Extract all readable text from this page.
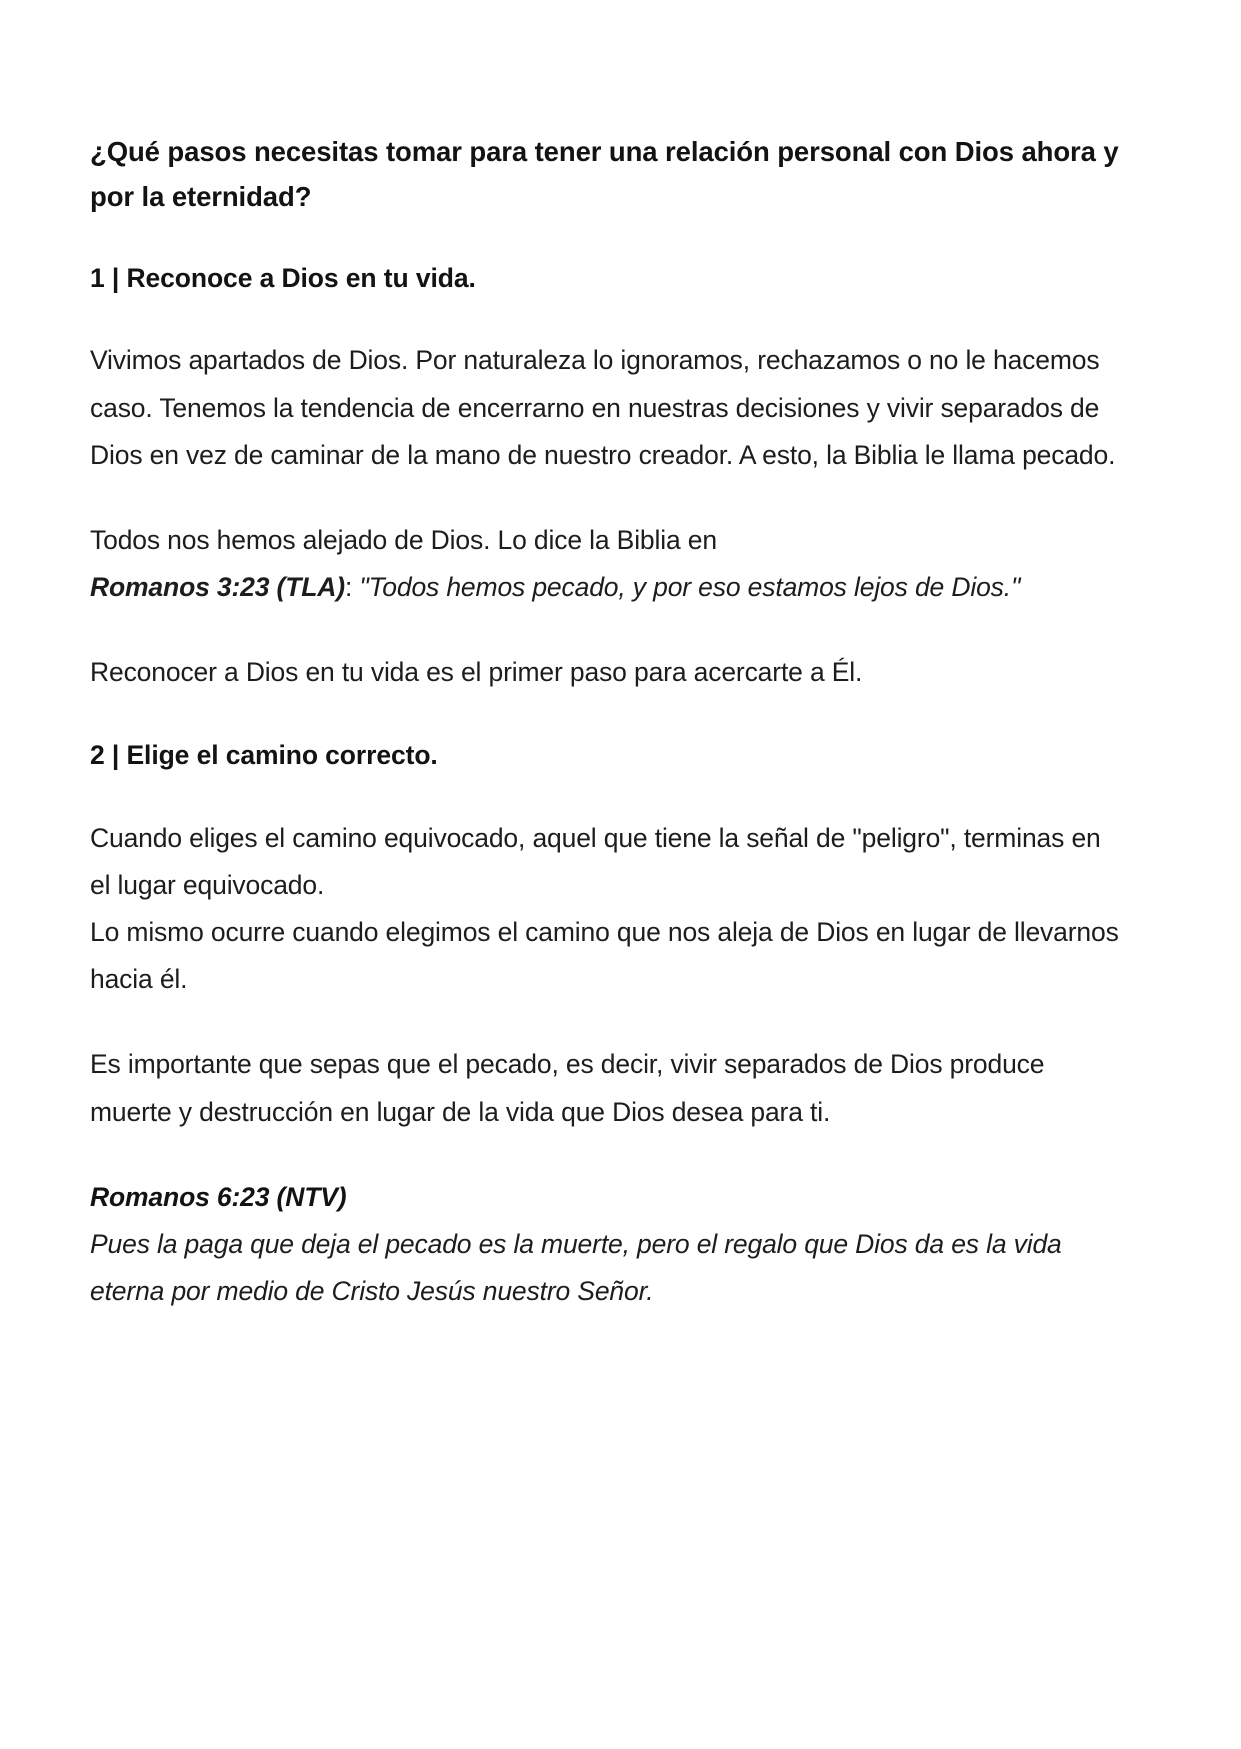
¿Qué pasos necesitas tomar para tener una relación personal con Dios ahora y por la eternidad?

1 | Reconoce a Dios en tu vida.

Vivimos apartados de Dios. Por naturaleza lo ignoramos, rechazamos o no le hacemos caso. Tenemos la tendencia de encerrarno en nuestras decisiones y vivir separados de Dios en vez de caminar de la mano de nuestro creador. A esto, la Biblia le llama pecado.

Todos nos hemos alejado de Dios. Lo dice la Biblia en
Romanos 3:23 (TLA): "Todos hemos pecado, y por eso estamos lejos de Dios."

Reconocer a Dios en tu vida es el primer paso para acercarte a Él.

2 | Elige el camino correcto.

Cuando eliges el camino equivocado, aquel que tiene la señal de "peligro", terminas en el lugar equivocado.

Lo mismo ocurre cuando elegimos el camino que nos aleja de Dios en lugar de llevarnos hacia él.

Es importante que sepas que el pecado, es decir, vivir separados de Dios produce muerte y destrucción en lugar de la vida que Dios desea para ti.

Romanos 6:23 (NTV)

Pues la paga que deja el pecado es la muerte, pero el regalo que Dios da es la vida eterna por medio de Cristo Jesús nuestro Señor.
